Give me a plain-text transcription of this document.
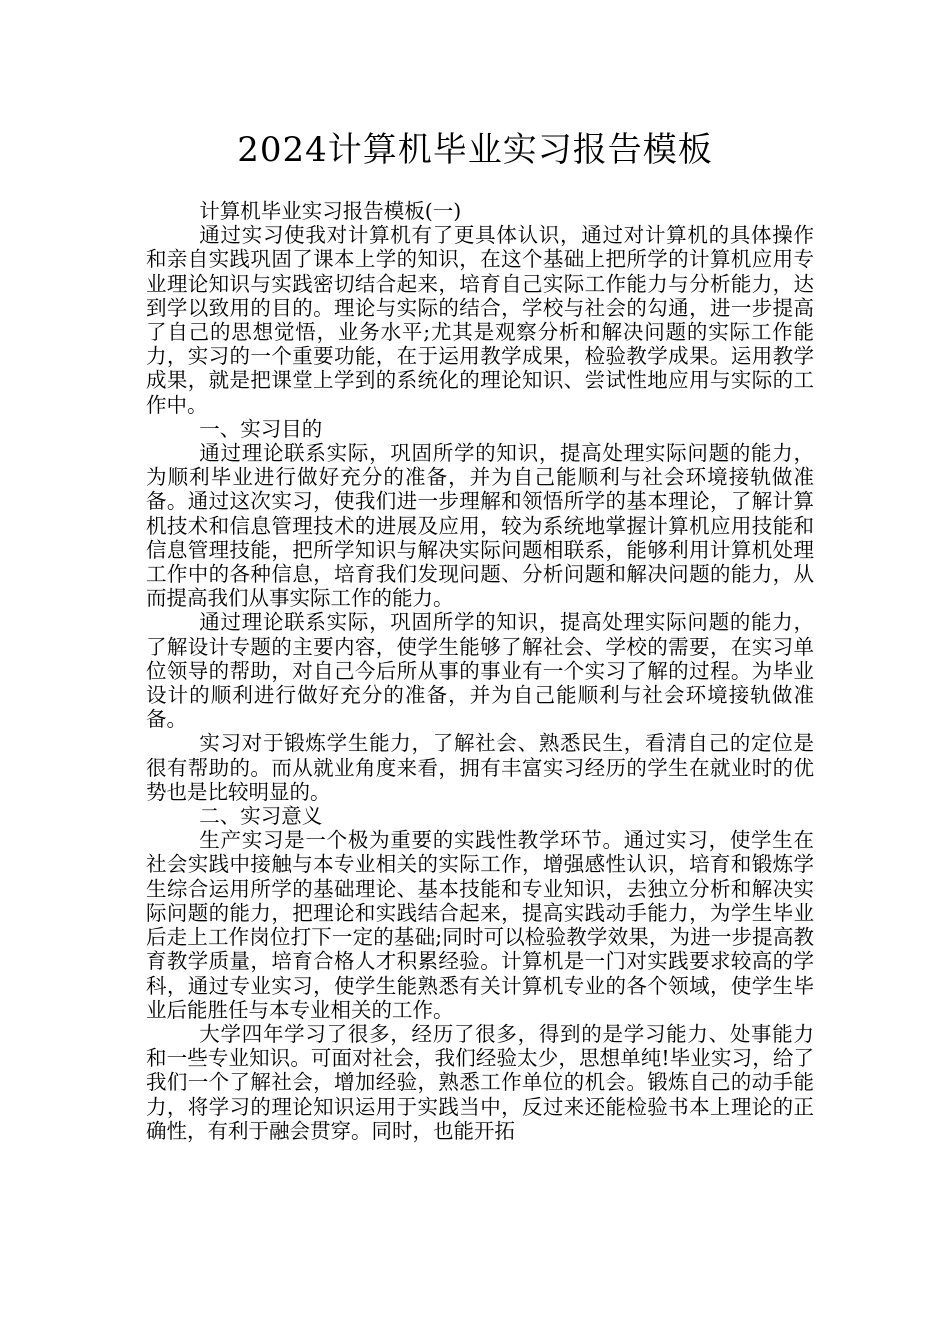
2024计算机毕业实习报告模板

计算机毕业实习报告模板(一)

通过实习使我对计算机有了更具体认识，通过对计算机的具体操作和亲自实践巩固了课本上学的知识，在这个基础上把所学的计算机应用专业理论知识与实践密切结合起来，培育自己实际工作能力与分析能力，达到学以致用的目的。理论与实际的结合，学校与社会的勾通，进一步提高了自己的思想觉悟，业务水平;尤其是观察分析和解决问题的实际工作能力，实习的一个重要功能，在于运用教学成果，检验教学成果。运用教学成果，就是把课堂上学到的系统化的理论知识、尝试性地应用与实际的工作中。

一、实习目的

通过理论联系实际，巩固所学的知识，提高处理实际问题的能力，为顺利毕业进行做好充分的准备，并为自己能顺利与社会环境接轨做准备。通过这次实习，使我们进一步理解和领悟所学的基本理论，了解计算机技术和信息管理技术的进展及应用，较为系统地掌握计算机应用技能和信息管理技能，把所学知识与解决实际问题相联系，能够利用计算机处理工作中的各种信息，培育我们发现问题、分析问题和解决问题的能力，从而提高我们从事实际工作的能力。

通过理论联系实际，巩固所学的知识，提高处理实际问题的能力，了解设计专题的主要内容，使学生能够了解社会、学校的需要，在实习单位领导的帮助，对自己今后所从事的事业有一个实习了解的过程。为毕业设计的顺利进行做好充分的准备，并为自己能顺利与社会环境接轨做准备。

实习对于锻炼学生能力，了解社会、熟悉民生，看清自己的定位是很有帮助的。而从就业角度来看，拥有丰富实习经历的学生在就业时的优势也是比较明显的。

二、实习意义

生产实习是一个极为重要的实践性教学环节。通过实习，使学生在社会实践中接触与本专业相关的实际工作，增强感性认识，培育和锻炼学生综合运用所学的基础理论、基本技能和专业知识，去独立分析和解决实际问题的能力，把理论和实践结合起来，提高实践动手能力，为学生毕业后走上工作岗位打下一定的基础;同时可以检验教学效果，为进一步提高教育教学质量，培育合格人才积累经验。计算机是一门对实践要求较高的学科，通过专业实习，使学生能熟悉有关计算机专业的各个领域，使学生毕业后能胜任与本专业相关的工作。

大学四年学习了很多，经历了很多，得到的是学习能力、处事能力和一些专业知识。可面对社会，我们经验太少，思想单纯!毕业实习，给了我们一个了解社会，增加经验，熟悉工作单位的机会。锻炼自己的动手能力，将学习的理论知识运用于实践当中，反过来还能检验书本上理论的正确性，有利于融会贯穿。同时，也能开拓
